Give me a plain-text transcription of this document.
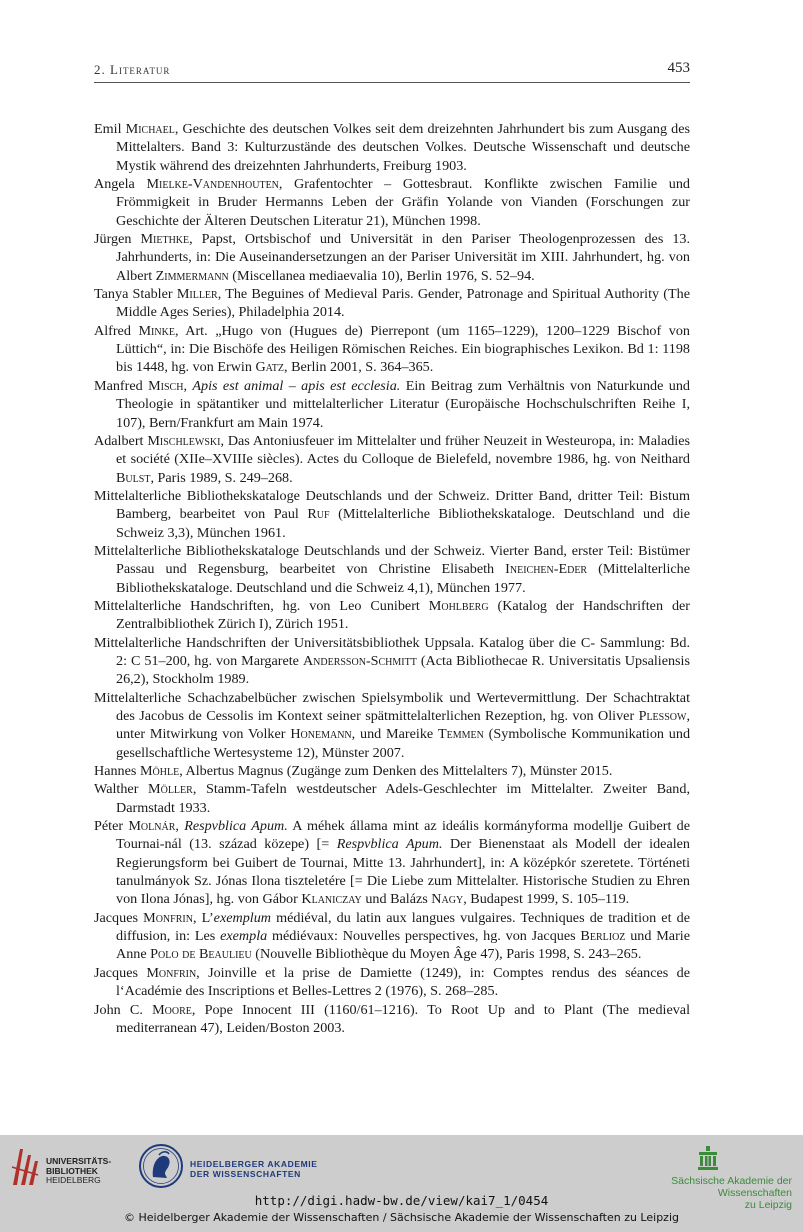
2. Literatur	453

Emil Michael, Geschichte des deutschen Volkes seit dem dreizehnten Jahrhundert bis zum Ausgang des Mittelalters. Band 3: Kulturzustände des deutschen Volkes. Deutsche Wissenschaft und deutsche Mystik während des dreizehnten Jahrhunderts, Freiburg 1903.

Angela Mielke-Vandenhouten, Grafentochter – Gottesbraut. Konflikte zwischen Familie und Frömmigkeit in Bruder Hermanns Leben der Gräfin Yolande von Vianden (Forschungen zur Geschichte der Älteren Deutschen Literatur 21), München 1998.

Jürgen Miethke, Papst, Ortsbischof und Universität in den Pariser Theologenprozessen des 13. Jahrhunderts, in: Die Auseinandersetzungen an der Pariser Universität im XIII. Jahrhundert, hg. von Albert Zimmermann (Miscellanea mediaevalia 10), Berlin 1976, S. 52–94.

Tanya Stabler Miller, The Beguines of Medieval Paris. Gender, Patronage and Spiritual Authority (The Middle Ages Series), Philadelphia 2014.

Alfred Minke, Art. „Hugo von (Hugues de) Pierrepont (um 1165–1229), 1200–1229 Bischof von Lüttich“, in: Die Bischöfe des Heiligen Römischen Reiches. Ein biographisches Lexikon. Bd 1: 1198 bis 1448, hg. von Erwin Gatz, Berlin 2001, S. 364–365.

Manfred Misch, Apis est animal – apis est ecclesia. Ein Beitrag zum Verhältnis von Naturkunde und Theologie in spätantiker und mittelalterlicher Literatur (Europäische Hochschulschriften Reihe I, 107), Bern/Frankfurt am Main 1974.

Adalbert Mischlewski, Das Antoniusfeuer im Mittelalter und früher Neuzeit in Westeuropa, in: Maladies et société (XIIe–XVIIIe siècles). Actes du Colloque de Bielefeld, novembre 1986, hg. von Neithard Bulst, Paris 1989, S. 249–268.

Mittelalterliche Bibliothekskataloge Deutschlands und der Schweiz. Dritter Band, dritter Teil: Bistum Bamberg, bearbeitet von Paul Ruf (Mittelalterliche Bibliothekskataloge. Deutschland und die Schweiz 3,3), München 1961.

Mittelalterliche Bibliothekskataloge Deutschlands und der Schweiz. Vierter Band, erster Teil: Bistümer Passau und Regensburg, bearbeitet von Christine Elisabeth Ineichen-Eder (Mittelalterliche Bibliothekskataloge. Deutschland und die Schweiz 4,1), München 1977.

Mittelalterliche Handschriften, hg. von Leo Cunibert Mohlberg (Katalog der Handschriften der Zentralbibliothek Zürich I), Zürich 1951.

Mittelalterliche Handschriften der Universitätsbibliothek Uppsala. Katalog über die C- Sammlung: Bd. 2: C 51–200, hg. von Margarete Andersson-Schmitt (Acta Bibliothecae R. Universitatis Upsaliensis 26,2), Stockholm 1989.

Mittelalterliche Schachzabelbücher zwischen Spielsymbolik und Wertevermittlung. Der Schachtraktat des Jacobus de Cessolis im Kontext seiner spätmittelalterlichen Rezeption, hg. von Oliver Plessow, unter Mitwirkung von Volker Honemann, und Mareike Temmen (Symbolische Kommunikation und gesellschaftliche Wertesysteme 12), Münster 2007.

Hannes Möhle, Albertus Magnus (Zugänge zum Denken des Mittelalters 7), Münster 2015.

Walther Möller, Stamm-Tafeln westdeutscher Adels-Geschlechter im Mittelalter. Zweiter Band, Darmstadt 1933.

Péter Molnár, Respvblica Apum. A méhek állama mint az ideális kormányforma modellje Guibert de Tournai-nál (13. század közepe) [= Respvblica Apum. Der Bienenstaat als Modell der idealen Regierungsform bei Guibert de Tournai, Mitte 13. Jahrhundert], in: A középkór szeretete. Történeti tanulmányok Sz. Jónas Ilona tiszteletére [= Die Liebe zum Mittelalter. Historische Studien zu Ehren von Ilona Jónas], hg. von Gábor Klaniczay und Balázs Nagy, Budapest 1999, S. 105–119.

Jacques Monfrin, L’exemplum médiéval, du latin aux langues vulgaires. Techniques de tradition et de diffusion, in: Les exempla médiévaux: Nouvelles perspectives, hg. von Jacques Berlioz und Marie Anne Polo de Beaulieu (Nouvelle Bibliothèque du Moyen Âge 47), Paris 1998, S. 243–265.

Jacques Monfrin, Joinville et la prise de Damiette (1249), in: Comptes rendus des séances de l‘Académie des Inscriptions et Belles-Lettres 2 (1976), S. 268–285.

John C. Moore, Pope Innocent III (1160/61–1216). To Root Up and to Plant (The medieval mediterranean 47), Leiden/Boston 2003.

UNIVERSITÄTS-
BIBLIOTHEK
HEIDELBERG
HEIDELBERGER AKADEMIE
DER WISSENSCHAFTEN
Sächsische Akademie der Wissenschaften
zu Leipzig
http://digi.hadw-bw.de/view/kai7_1/0454
© Heidelberger Akademie der Wissenschaften / Sächsische Akademie der Wissenschaften zu Leipzig
